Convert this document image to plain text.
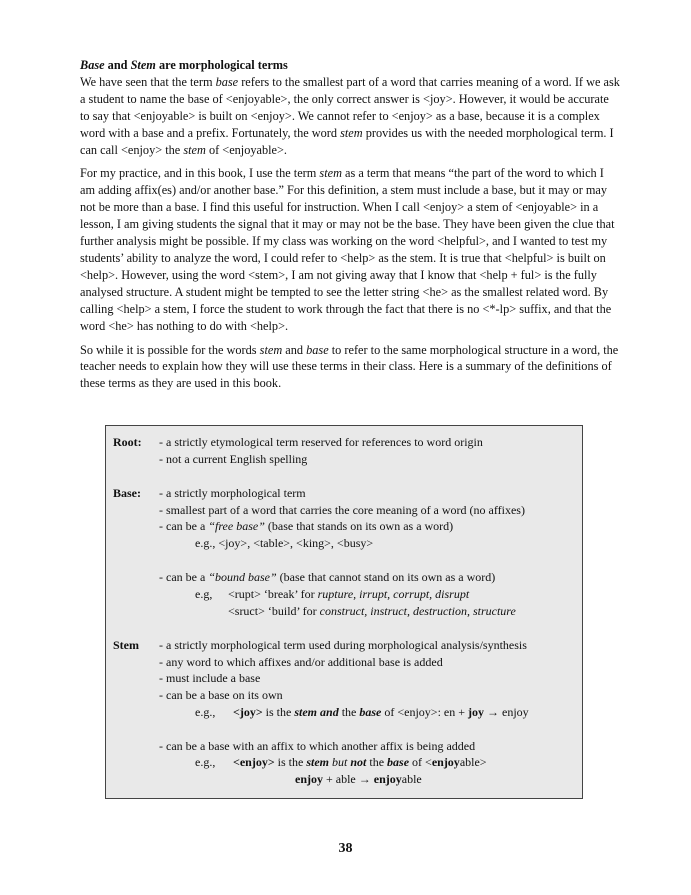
Base and Stem are morphological terms

We have seen that the term base refers to the smallest part of a word that carries meaning of a word. If we ask a student to name the base of <enjoyable>, the only correct answer is <joy>. However, it would be accurate to say that <enjoyable> is built on <enjoy>. We cannot refer to <enjoy> as a base, because it is a complex word with a base and a prefix. Fortunately, the word stem provides us with the needed morphological term. I can call <enjoy> the stem of <enjoyable>.

For my practice, and in this book, I use the term stem as a term that means “the part of the word to which I am adding affix(es) and/or another base.” For this definition, a stem must include a base, but it may or may not be more than a base. I find this useful for instruction. When I call <enjoy> a stem of <enjoyable> in a lesson, I am giving students the signal that it may or may not be the base. They have been given the clue that further analysis might be possible. If my class was working on the word <helpful>, and I wanted to test my students’ ability to analyze the word, I could refer to <help> as the stem. It is true that <helpful> is built on <help>. However, using the word <stem>, I am not giving away that I know that <help + ful> is the fully analysed structure. A student might be tempted to see the letter string <he> as the smallest related word. By calling <help> a stem, I force the student to work through the fact that there is no <*-lp> suffix, and that the word <he> has nothing to do with <help>.

So while it is possible for the words stem and base to refer to the same morphological structure in a word, the teacher needs to explain how they will use these terms in their class. Here is a summary of the definitions of these terms as they are used in this book.

Root: - a strictly etymological term reserved for references to word origin
- not a current English spelling
Base: - a strictly morphological term
- smallest part of a word that carries the core meaning of a word (no affixes)
- can be a “free base” (base that stands on its own as a word)
e.g., <joy>, <table>, <king>, <busy>
- can be a “bound base” (base that cannot stand on its own as a word)
e.g, <rupt> ‘break’ for rupture, irrupt, corrupt, disrupt
<sruct> ‘build’ for construct, instruct, destruction, structure
Stem - a strictly morphological term used during morphological analysis/synthesis
- any word to which affixes and/or additional base is added
- must include a base
- can be a base on its own
e.g., <joy> is the stem and the base of <enjoy>: en + joy → enjoy
- can be a base with an affix to which another affix is being added
e.g., <enjoy> is the stem but not the base of <enjoyable>
enjoy + able → enjoyable
38
